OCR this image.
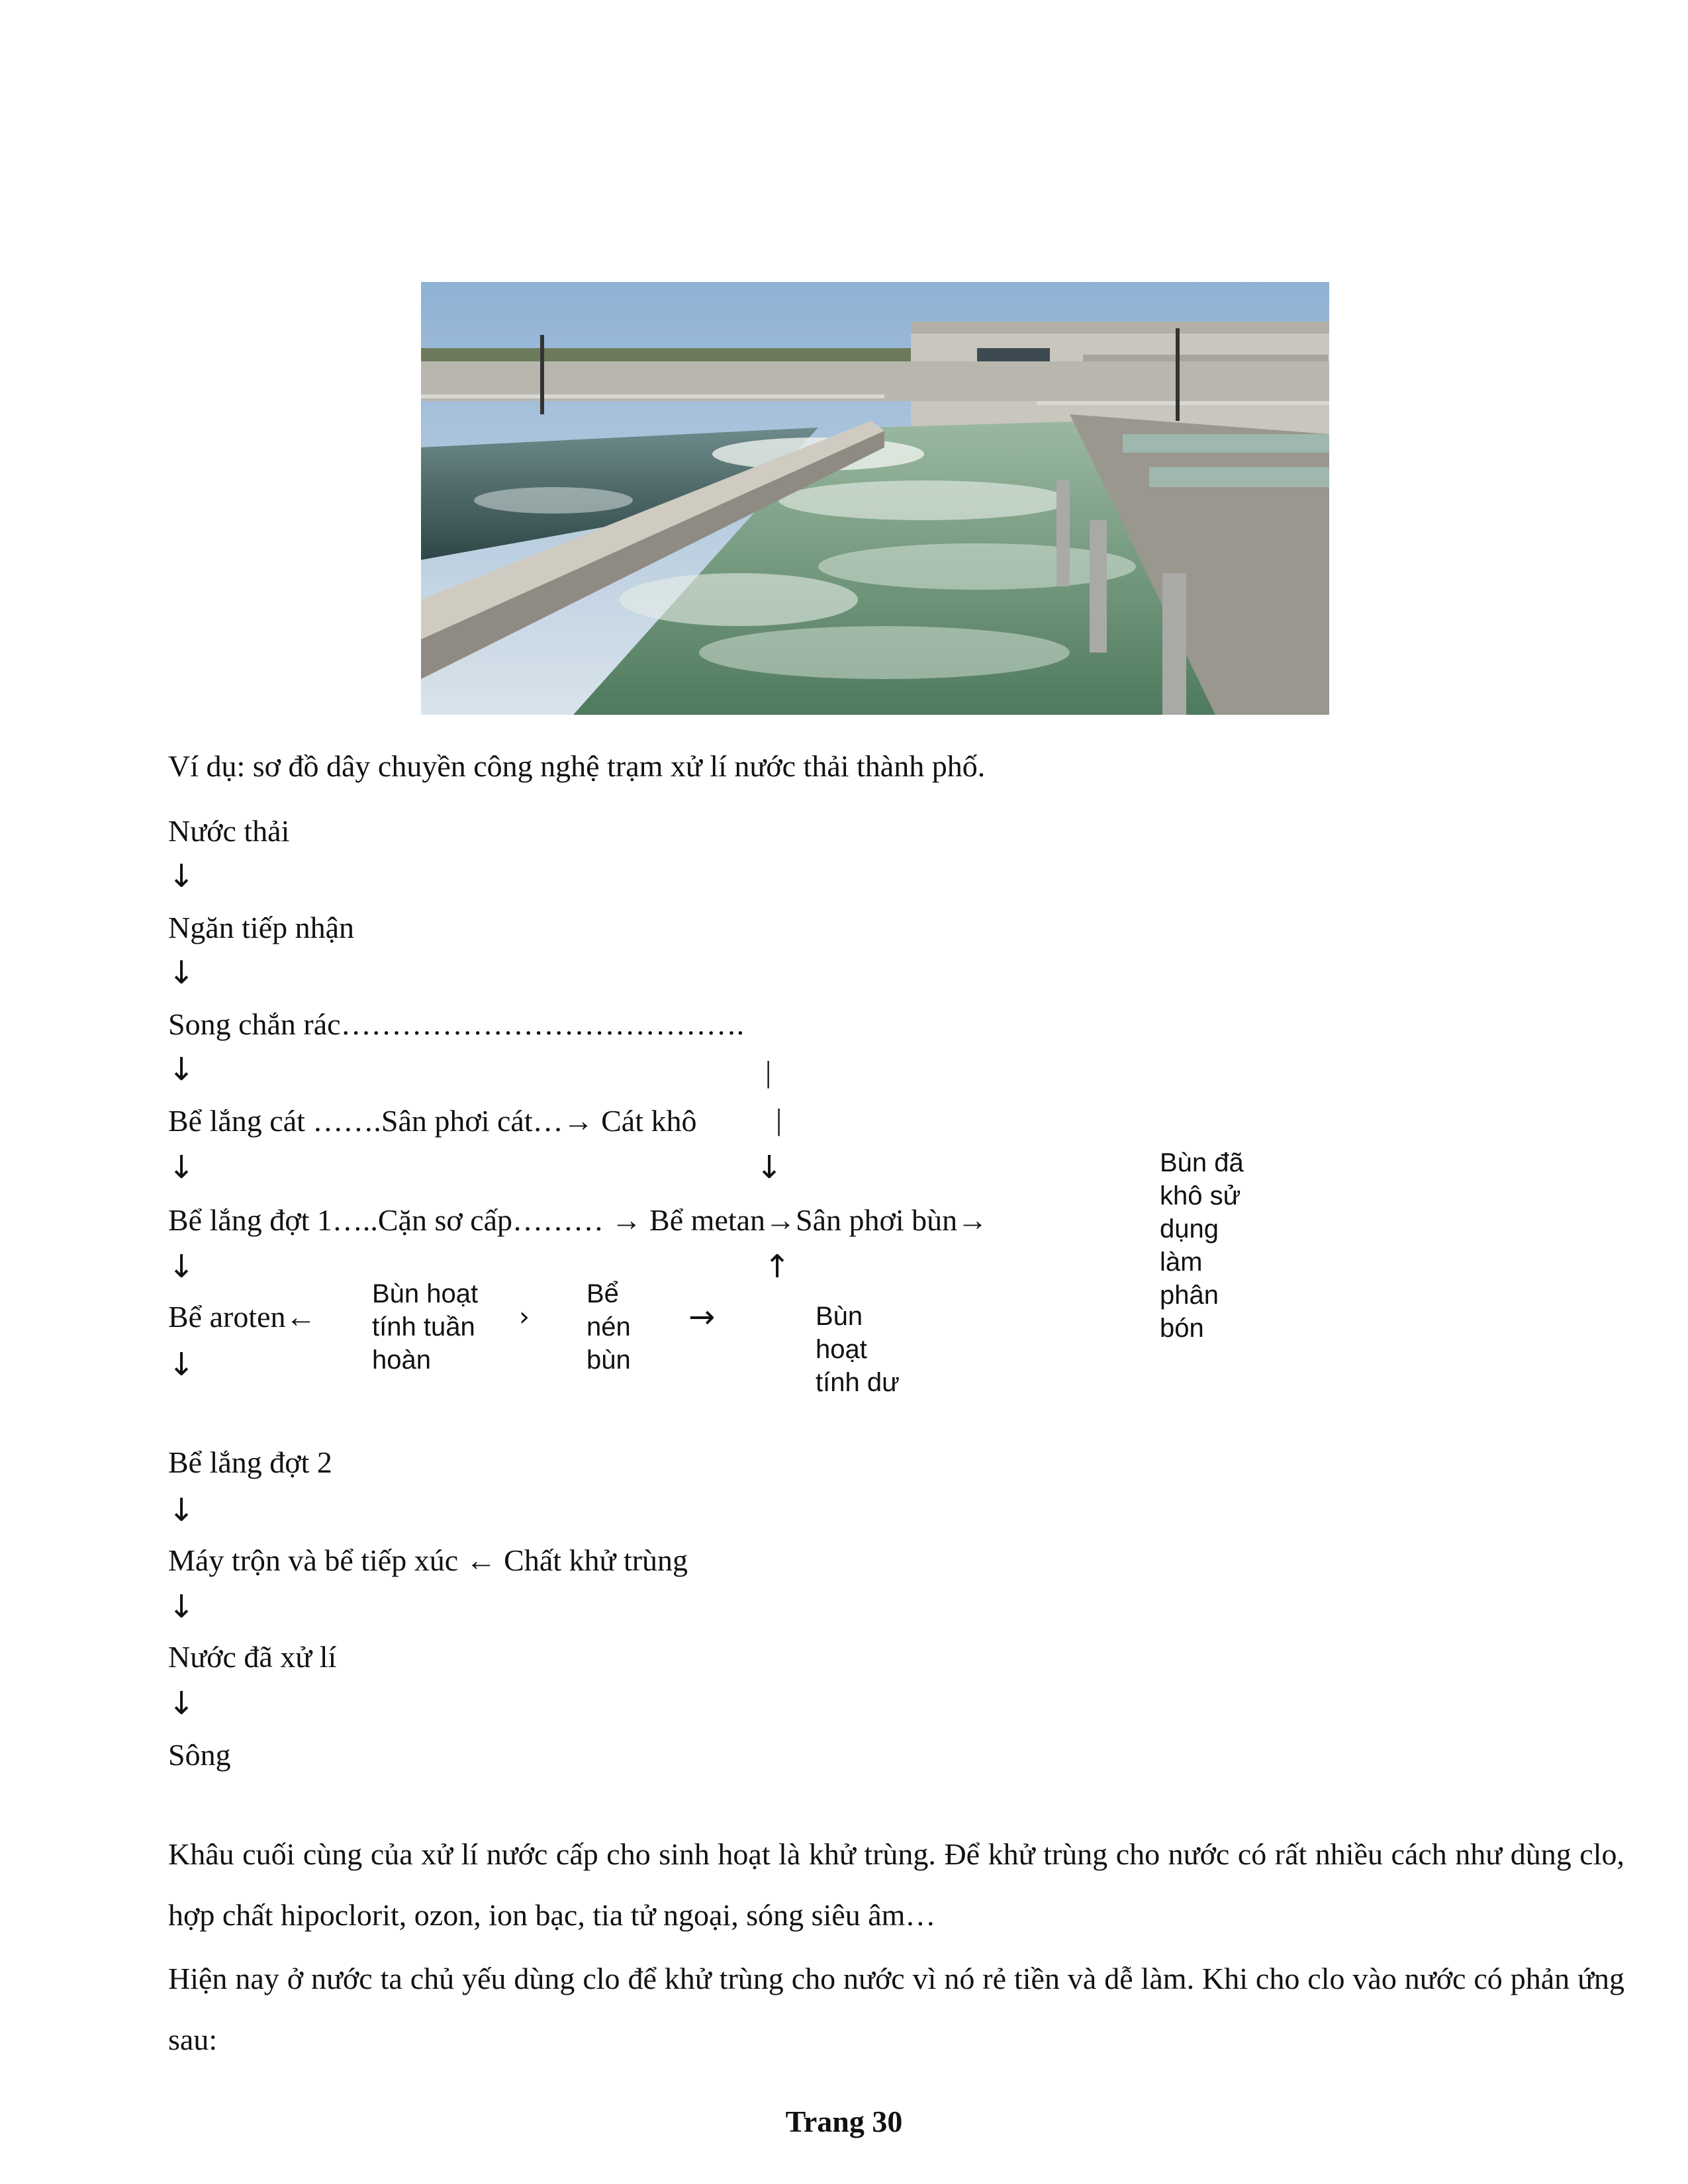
Ví dụ: sơ đồ dây chuyền công nghệ trạm xử lí nước thải thành phố.
Nước thải
↓
Ngăn tiếp nhận
↓
Song chắn rác………………………………….
↓	|
Bể lắng cát …….Sân phơi cát…→ Cát khô	|
↓	↓
Bể lắng đợt 1…..Cặn sơ cấp……… → Bể metan→Sân phơi bùn→
↓	↑
Bể aroten←
↓
Bùn hoạt
tính tuần
hoàn
›
Bể
nén
bùn
→	Bùn
hoạt
tính dư
Bùn đã
khô sử
dụng
làm
phân
bón
Bể lắng đợt 2
↓
Máy trộn và bể tiếp xúc ← Chất khử trùng
↓
Nước đã xử lí
↓
Sông
Khâu cuối cùng của xử lí nước cấp cho sinh hoạt là khử trùng. Để khử trùng cho nước có rất nhiều cách như dùng clo, hợp chất hipoclorit, ozon, ion bạc, tia tử ngoại, sóng siêu âm…
Hiện nay ở nước ta chủ yếu dùng clo để khử trùng cho nước vì nó rẻ tiền và dễ làm. Khi cho clo vào nước có phản ứng sau:
Trang 30
